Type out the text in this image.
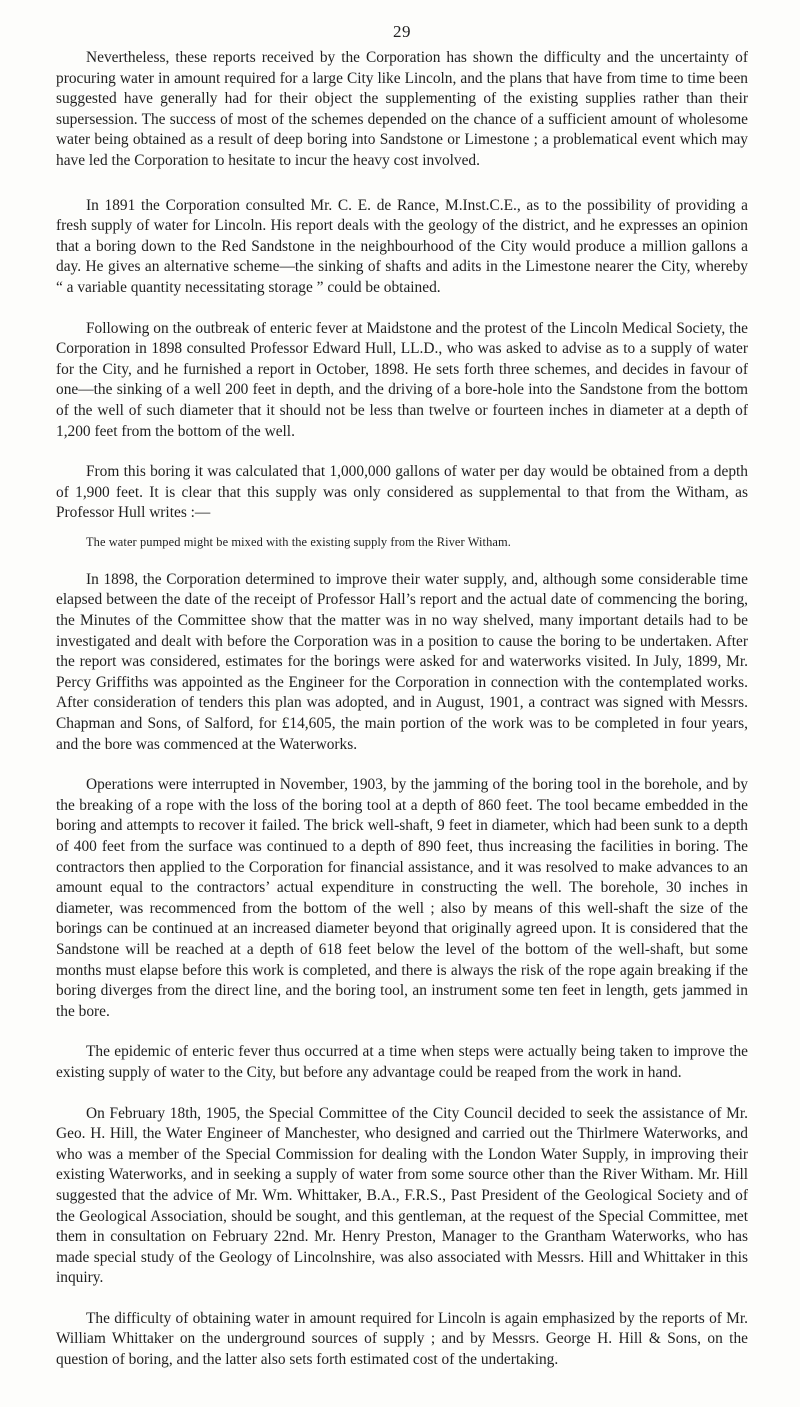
29

Nevertheless, these reports received by the Corporation has shown the difficulty and the uncertainty of procuring water in amount required for a large City like Lincoln, and the plans that have from time to time been suggested have generally had for their object the supplementing of the existing supplies rather than their supersession. The success of most of the schemes depended on the chance of a sufficient amount of wholesome water being obtained as a result of deep boring into Sandstone or Limestone ; a problematical event which may have led the Corporation to hesitate to incur the heavy cost involved.

In 1891 the Corporation consulted Mr. C. E. de Rance, M.Inst.C.E., as to the possibility of providing a fresh supply of water for Lincoln. His report deals with the geology of the district, and he expresses an opinion that a boring down to the Red Sandstone in the neighbourhood of the City would produce a million gallons a day. He gives an alternative scheme—the sinking of shafts and adits in the Limestone nearer the City, whereby “ a variable quantity necessitating storage ” could be obtained.

Following on the outbreak of enteric fever at Maidstone and the protest of the Lincoln Medical Society, the Corporation in 1898 consulted Professor Edward Hull, LL.D., who was asked to advise as to a supply of water for the City, and he furnished a report in October, 1898. He sets forth three schemes, and decides in favour of one—the sinking of a well 200 feet in depth, and the driving of a bore-hole into the Sandstone from the bottom of the well of such diameter that it should not be less than twelve or fourteen inches in diameter at a depth of 1,200 feet from the bottom of the well.

From this boring it was calculated that 1,000,000 gallons of water per day would be obtained from a depth of 1,900 feet. It is clear that this supply was only considered as supplemental to that from the Witham, as Professor Hull writes :—

The water pumped might be mixed with the existing supply from the River Witham.

In 1898, the Corporation determined to improve their water supply, and, although some considerable time elapsed between the date of the receipt of Professor Hall’s report and the actual date of commencing the boring, the Minutes of the Committee show that the matter was in no way shelved, many important details had to be investigated and dealt with before the Corporation was in a position to cause the boring to be undertaken. After the report was considered, estimates for the borings were asked for and waterworks visited. In July, 1899, Mr. Percy Griffiths was appointed as the Engineer for the Corporation in connection with the contemplated works. After consideration of tenders this plan was adopted, and in August, 1901, a contract was signed with Messrs. Chapman and Sons, of Salford, for £14,605, the main portion of the work was to be completed in four years, and the bore was commenced at the Waterworks.

Operations were interrupted in November, 1903, by the jamming of the boring tool in the borehole, and by the breaking of a rope with the loss of the boring tool at a depth of 860 feet. The tool became embedded in the boring and attempts to recover it failed. The brick well-shaft, 9 feet in diameter, which had been sunk to a depth of 400 feet from the surface was continued to a depth of 890 feet, thus increasing the facilities in boring. The contractors then applied to the Corporation for financial assistance, and it was resolved to make advances to an amount equal to the contractors’ actual expenditure in constructing the well. The borehole, 30 inches in diameter, was recommenced from the bottom of the well ; also by means of this well-shaft the size of the borings can be continued at an increased diameter beyond that originally agreed upon. It is considered that the Sandstone will be reached at a depth of 618 feet below the level of the bottom of the well-shaft, but some months must elapse before this work is completed, and there is always the risk of the rope again breaking if the boring diverges from the direct line, and the boring tool, an instrument some ten feet in length, gets jammed in the bore.

The epidemic of enteric fever thus occurred at a time when steps were actually being taken to improve the existing supply of water to the City, but before any advantage could be reaped from the work in hand.

On February 18th, 1905, the Special Committee of the City Council decided to seek the assistance of Mr. Geo. H. Hill, the Water Engineer of Manchester, who designed and carried out the Thirlmere Waterworks, and who was a member of the Special Commission for dealing with the London Water Supply, in improving their existing Waterworks, and in seeking a supply of water from some source other than the River Witham. Mr. Hill suggested that the advice of Mr. Wm. Whittaker, B.A., F.R.S., Past President of the Geological Society and of the Geological Association, should be sought, and this gentleman, at the request of the Special Committee, met them in consultation on February 22nd. Mr. Henry Preston, Manager to the Grantham Waterworks, who has made special study of the Geology of Lincolnshire, was also associated with Messrs. Hill and Whittaker in this inquiry.

The difficulty of obtaining water in amount required for Lincoln is again emphasized by the reports of Mr. William Whittaker on the underground sources of supply ; and by Messrs. George H. Hill & Sons, on the question of boring, and the latter also sets forth estimated cost of the undertaking.
